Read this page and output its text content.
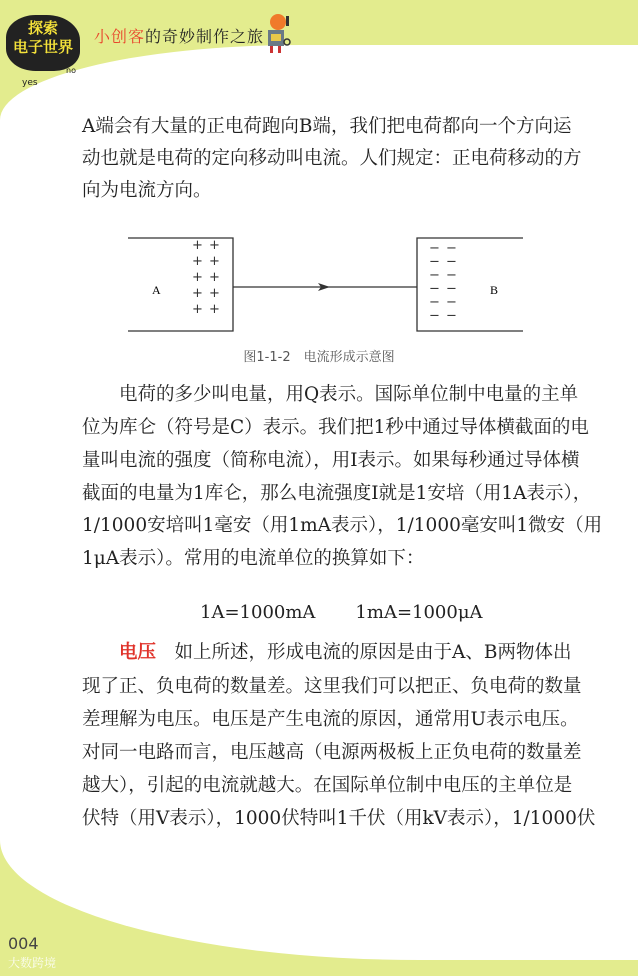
探索
电子世界
yes
no
小创客的奇妙制作之旅
A端会有大量的正电荷跑向B端，我们把电荷都向一个方向运
动也就是电荷的定向移动叫电流。人们规定：正电荷移动的方
向为电流方向。
A	B
+ +
+ +
+ +
+ +
+ +
− −
− −
− −
− −
− −
− −
图1-1-2　电流形成示意图
　　电荷的多少叫电量，用Q表示。国际单位制中电量的主单
位为库仑（符号是C）表示。我们把1秒中通过导体横截面的电
量叫电流的强度（简称电流），用I表示。如果每秒通过导体横
截面的电量为1库仑，那么电流强度I就是1安培（用1A表示），
1/1000安培叫1毫安（用1mA表示），1/1000毫安叫1微安（用
1μA表示）。常用的电流单位的换算如下：
1A=1000mA 1mA=1000μA
　　电压　如上所述，形成电流的原因是由于A、B两物体出
现了正、负电荷的数量差。这里我们可以把正、负电荷的数量
差理解为电压。电压是产生电流的原因，通常用U表示电压。
对同一电路而言，电压越高（电源两极板上正负电荷的数量差
越大），引起的电流就越大。在国际单位制中电压的主单位是
伏特（用V表示），1000伏特叫1千伏（用kV表示），1/1000伏
004
大数跨境
